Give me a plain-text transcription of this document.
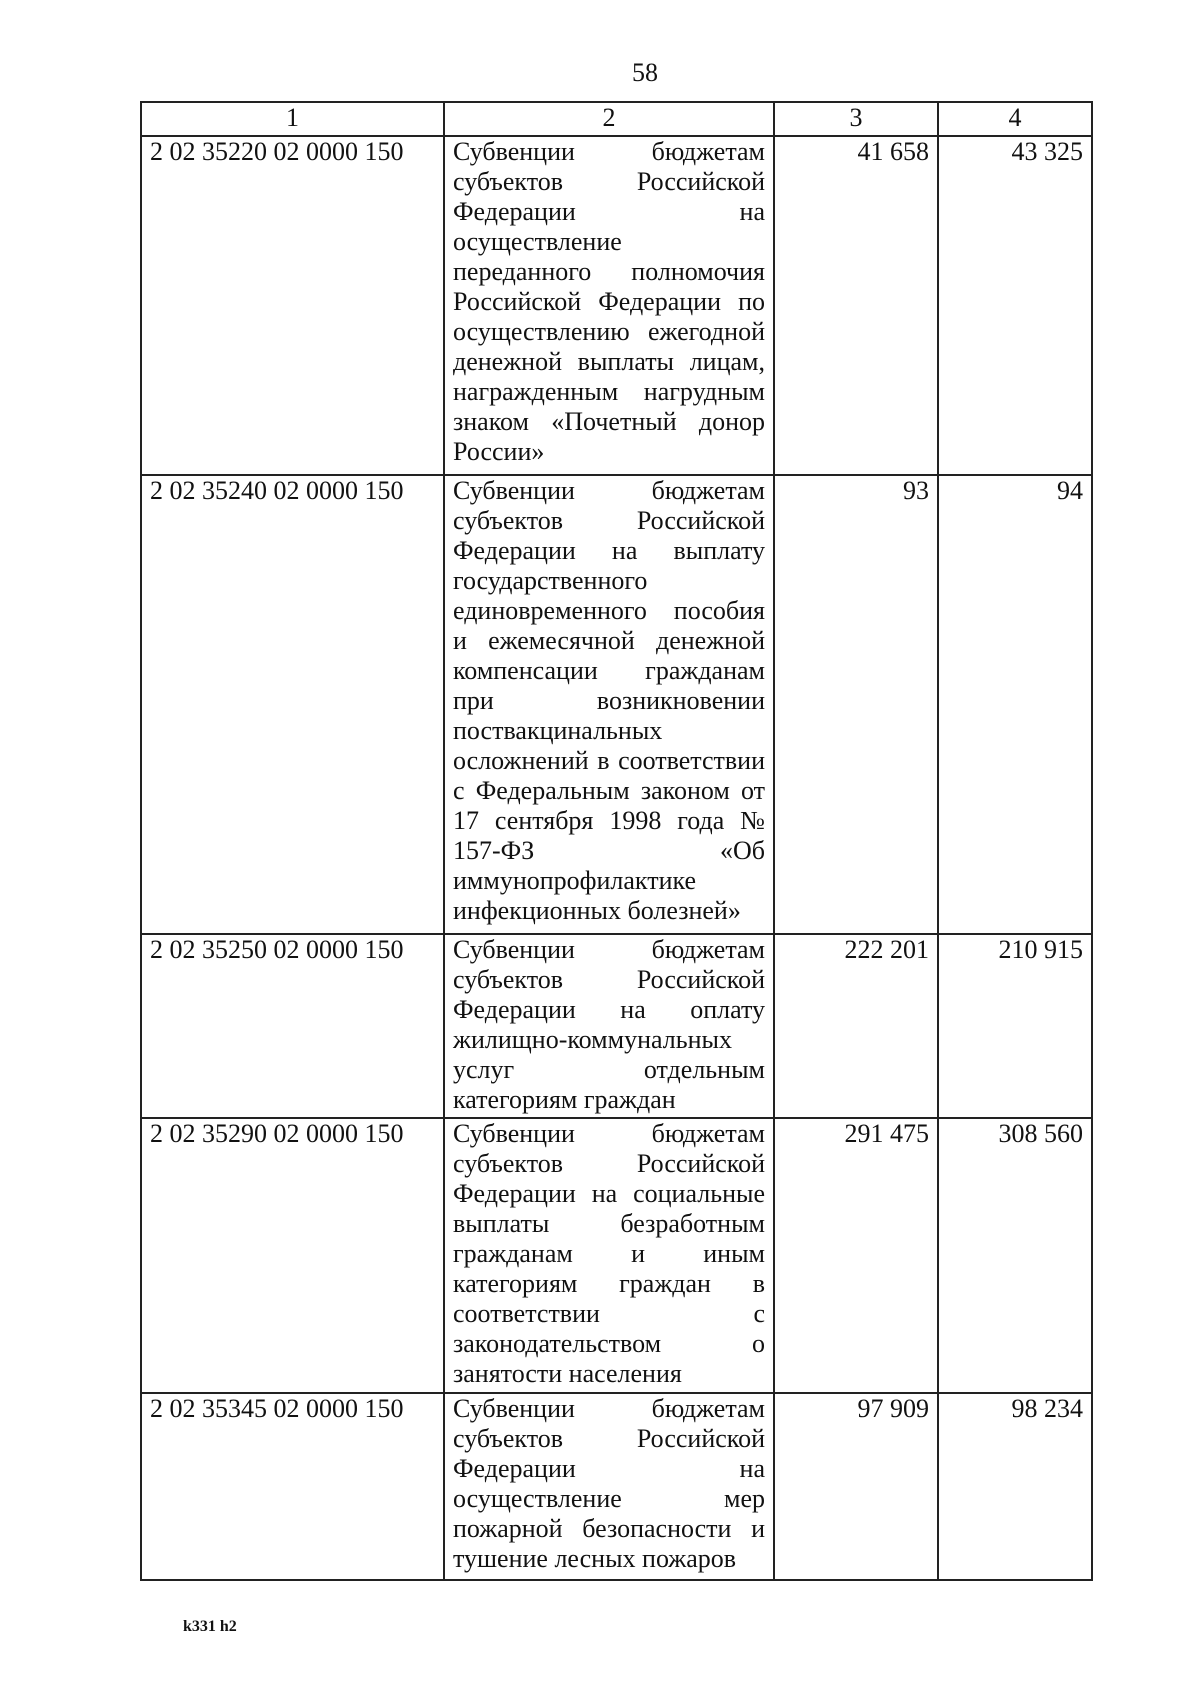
58
1	2	3	4
2 02 35220 02 0000 150	Субвенции бюджетам субъектов Российской Федерации на осуществление переданного полномочия Российской Федерации по осуществлению ежегодной денежной выплаты лицам, награжденным нагрудным знаком «Почетный донор России»	41 658	43 325
2 02 35240 02 0000 150	Субвенции бюджетам субъектов Российской Федерации на выплату государственного единовременного пособия и ежемесячной денежной компенсации гражданам при возникновении поствакцинальных осложнений в соответствии с Федеральным законом от 17 сентября 1998 года № 157-ФЗ «Об иммунопрофилактике инфекционных болезней»	93	94
2 02 35250 02 0000 150	Субвенции бюджетам субъектов Российской Федерации на оплату жилищно-коммунальных услуг отдельным категориям граждан	222 201	210 915
2 02 35290 02 0000 150	Субвенции бюджетам субъектов Российской Федерации на социальные выплаты безработным гражданам и иным категориям граждан в соответствии с законодательством о занятости населения	291 475	308 560
2 02 35345 02 0000 150	Субвенции бюджетам субъектов Российской Федерации на осуществление мер пожарной безопасности и тушение лесных пожаров	97 909	98 234
k331 h2
